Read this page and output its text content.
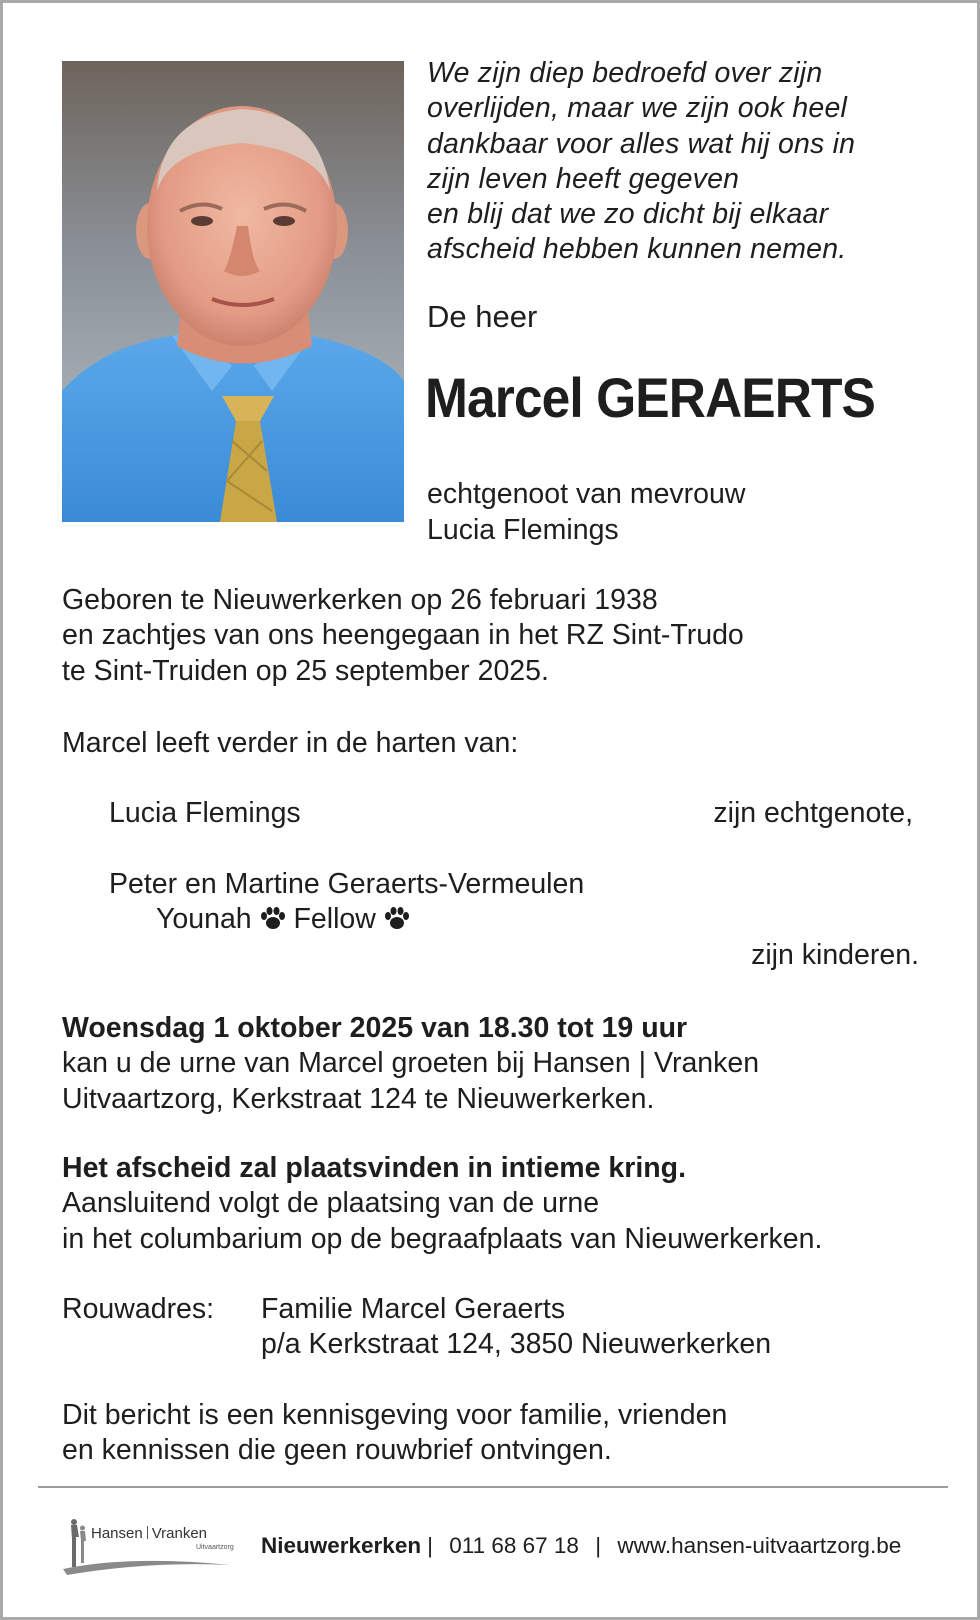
We zijn diep bedroefd over zijn
overlijden, maar we zijn ook heel
dankbaar voor alles wat hij ons in
zijn leven heeft gegeven
en blij dat we zo dicht bij elkaar
afscheid hebben kunnen nemen.
De heer
Marcel GERAERTS
echtgenoot van mevrouw
Lucia Flemings
Geboren te Nieuwerkerken op 26 februari 1938
en zachtjes van ons heengegaan in het RZ Sint-Trudo
te Sint-Truiden op 25 september 2025.
Marcel leeft verder in de harten van:
Lucia Flemings	zijn echtgenote,
Peter en Martine Geraerts-Vermeulen
Younah Fellow
zijn kinderen.
Woensdag 1 oktober 2025 van 18.30 tot 19 uur
kan u de urne van Marcel groeten bij Hansen | Vranken
Uitvaartzorg, Kerkstraat 124 te Nieuwerkerken.
Het afscheid zal plaatsvinden in intieme kring.
Aansluitend volgt de plaatsing van de urne
in het columbarium op de begraafplaats van Nieuwerkerken.
Rouwadres: Familie Marcel Geraerts
p/a Kerkstraat 124, 3850 Nieuwerkerken
Dit bericht is een kennisgeving voor familie, vrienden
en kennissen die geen rouwbrief ontvingen.
Hansen Vranken
Uitvaartzorg Nieuwerkerken | 011 68 67 18 | www.hansen-uitvaartzorg.be
